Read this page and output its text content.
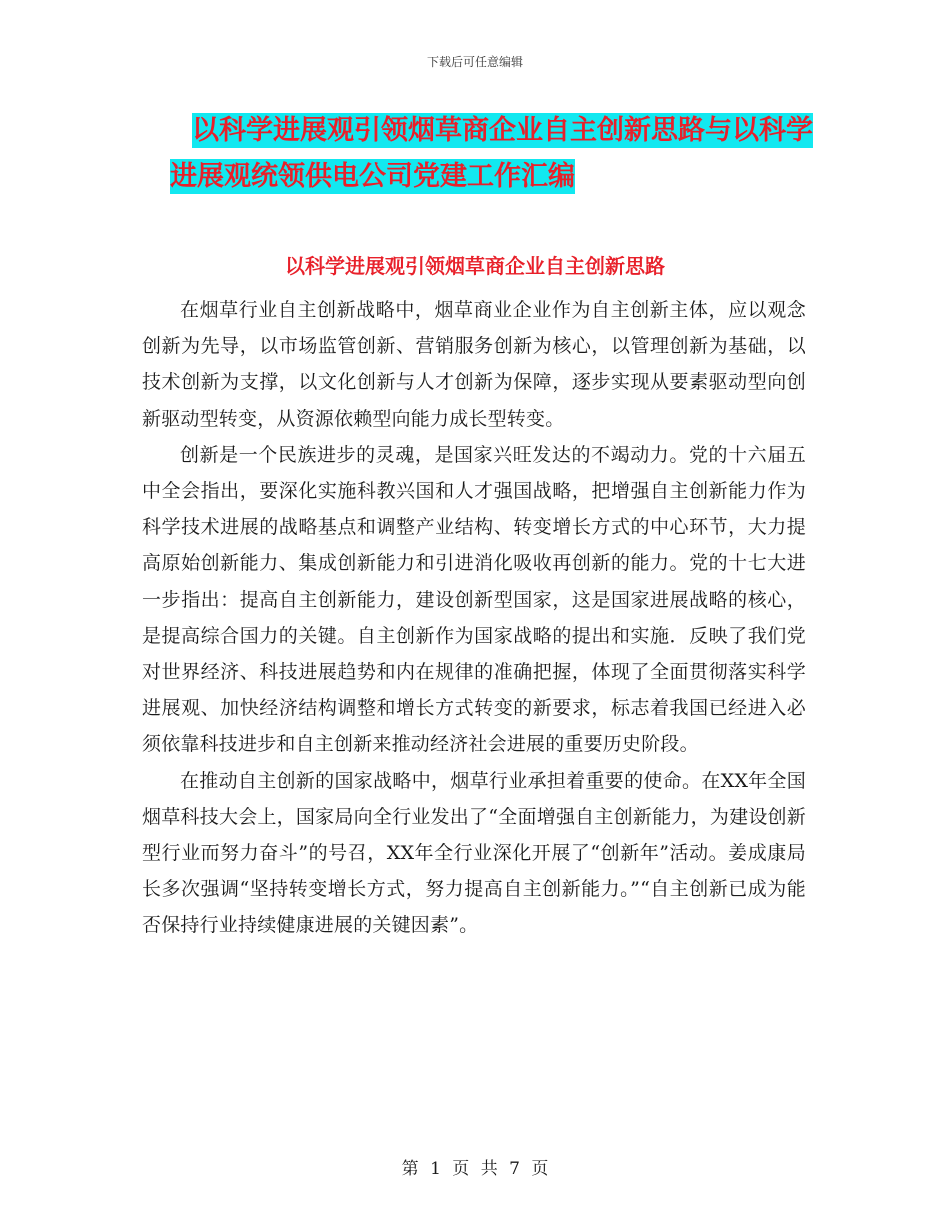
下载后可任意编辑
以科学进展观引领烟草商企业自主创新思路与以科学
进展观统领供电公司党建工作汇编
以科学进展观引领烟草商企业自主创新思路

在烟草行业自主创新战略中，烟草商业企业作为自主创新主体，应以观念创新为先导，以市场监管创新、营销服务创新为核心，以管理创新为基础，以技术创新为支撑，以文化创新与人才创新为保障，逐步实现从要素驱动型向创新驱动型转变，从资源依赖型向能力成长型转变。

创新是一个民族进步的灵魂，是国家兴旺发达的不竭动力。党的十六届五中全会指出，要深化实施科教兴国和人才强国战略，把增强自主创新能力作为科学技术进展的战略基点和调整产业结构、转变增长方式的中心环节，大力提高原始创新能力、集成创新能力和引进消化吸收再创新的能力。党的十七大进一步指出：提高自主创新能力，建设创新型国家，这是国家进展战略的核心，是提高综合国力的关键。自主创新作为国家战略的提出和实施．反映了我们党对世界经济、科技进展趋势和内在规律的准确把握，体现了全面贯彻落实科学进展观、加快经济结构调整和增长方式转变的新要求，标志着我国已经进入必须依靠科技进步和自主创新来推动经济社会进展的重要历史阶段。

在推动自主创新的国家战略中，烟草行业承担着重要的使命。在XX年全国烟草科技大会上，国家局向全行业发出了“全面增强自主创新能力，为建设创新型行业而努力奋斗”的号召，XX年全行业深化开展了“创新年”活动。姜成康局长多次强调“坚持转变增长方式，努力提高自主创新能力。”“自主创新已成为能否保持行业持续健康进展的关键因素”。

第 1 页 共 7 页
